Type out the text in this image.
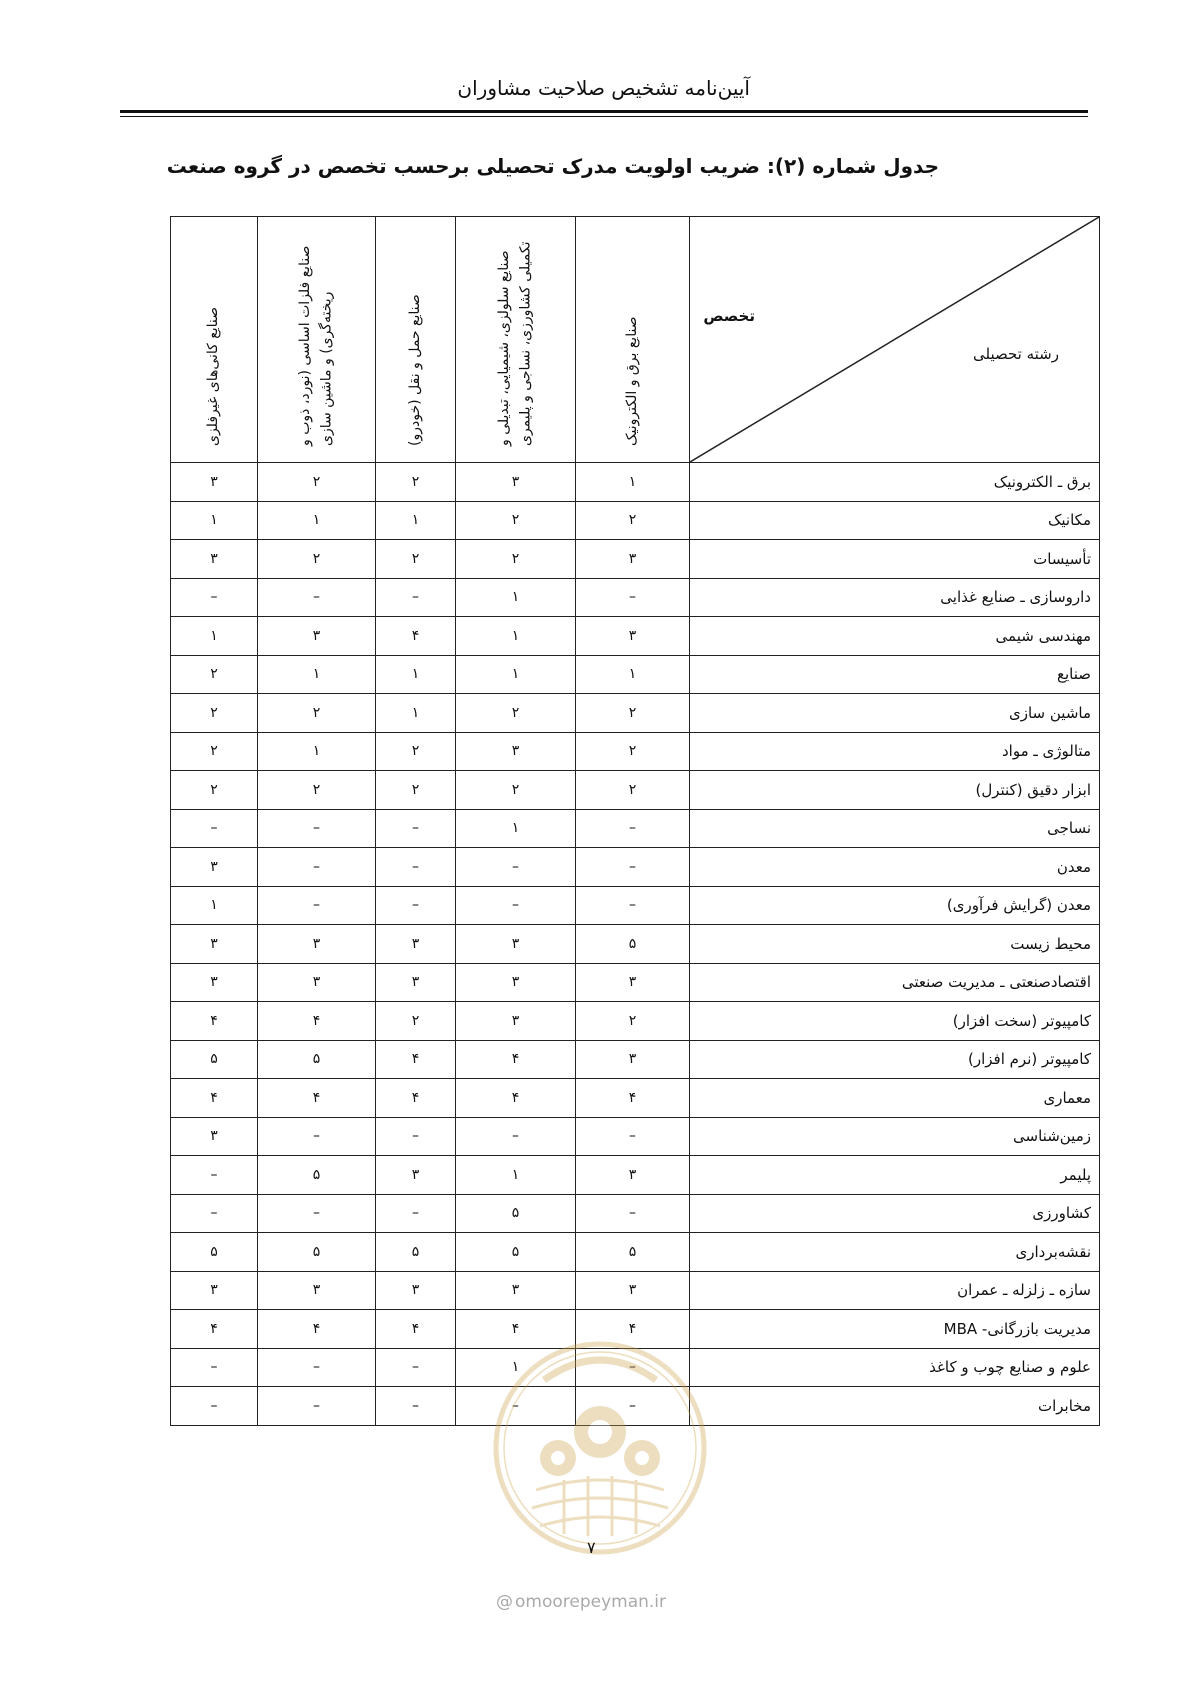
آیین‌نامه تشخیص صلاحیت مشاوران
جدول شماره (۲): ضریب اولویت مدرک تحصیلی برحسب تخصص در گروه صنعت
تخصص
رشته تحصیلی	صنایع برق و الکترونیک	صنایع سلولزی، شیمیایی، تبدیلی و تکمیلی کشاورزی، نساجی و پلیمری	صنایع حمل و نقل (خودرو)	صنایع فلزات اساسی (نورد، ذوب و ریخته‌گری) و ماشین سازی	صنایع کانی‌های غیرفلزی

برق ـ الکترونیک	۱	۳	۲	۲	۳
مکانیک	۲	۲	۱	۱	۱
تأسیسات	۳	۲	۲	۲	۳
داروسازی ـ صنایع غذایی	–	۱	–	–	–
مهندسی شیمی	۳	۱	۴	۳	۱
صنایع	۱	۱	۱	۱	۲
ماشین سازی	۲	۲	۱	۲	۲
متالوژی ـ مواد	۲	۳	۲	۱	۲
ابزار دقیق (کنترل)	۲	۲	۲	۲	۲
نساجی	–	۱	–	–	–
معدن	–	–	–	–	۳
معدن (گرایش فرآوری)	–	–	–	–	۱
محیط زیست	۵	۳	۳	۳	۳
اقتصادصنعتی ـ مدیریت صنعتی	۳	۳	۳	۳	۳
کامپیوتر (سخت افزار)	۲	۳	۲	۴	۴
کامپیوتر (نرم افزار)	۳	۴	۴	۵	۵
معماری	۴	۴	۴	۴	۴
زمین‌شناسی	–	–	–	–	۳
پلیمر	۳	۱	۳	۵	–
کشاورزی	–	۵	–	–	–
نقشه‌برداری	۵	۵	۵	۵	۵
سازه ـ زلزله ـ عمران	۳	۳	۳	۳	۳
مدیریت بازرگانی- MBA	۴	۴	۴	۴	۴
علوم و صنایع چوب و کاغذ	–	۱	–	–	–
مخابرات	–	–	–	–	–
۷
@ omoorepeyman.ir
